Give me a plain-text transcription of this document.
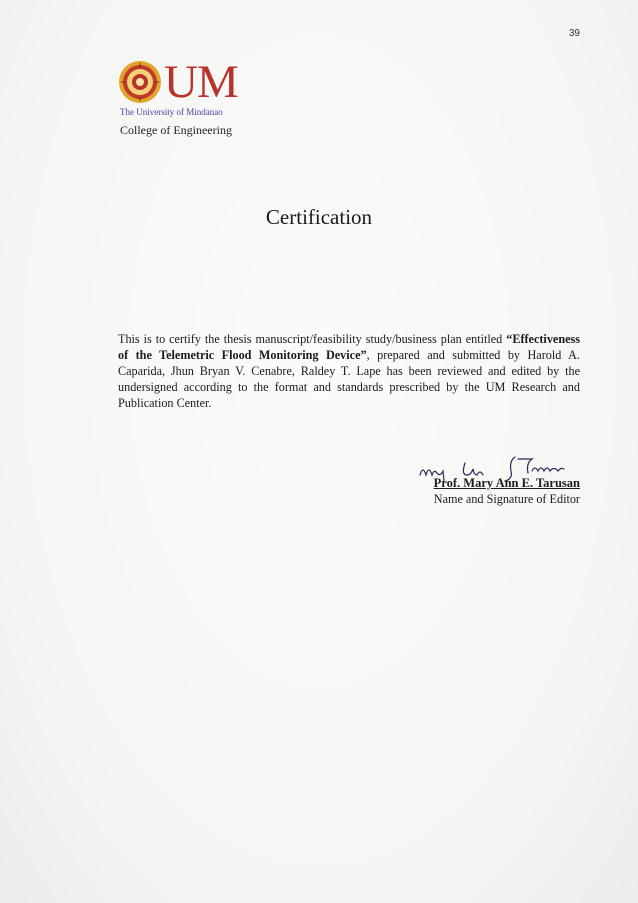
39
UM
The University of Mindanao
College of Engineering
Certification
This is to certify the thesis manuscript/feasibility study/business plan entitled “Effectiveness of the Telemetric Flood Monitoring Device”, prepared and submitted by Harold A. Caparida, Jhun Bryan V. Cenabre, Raldey T. Lape has been reviewed and edited by the undersigned according to the format and standards prescribed by the UM Research and Publication Center.
Prof. Mary Ann E. Tarusan
Name and Signature of Editor
